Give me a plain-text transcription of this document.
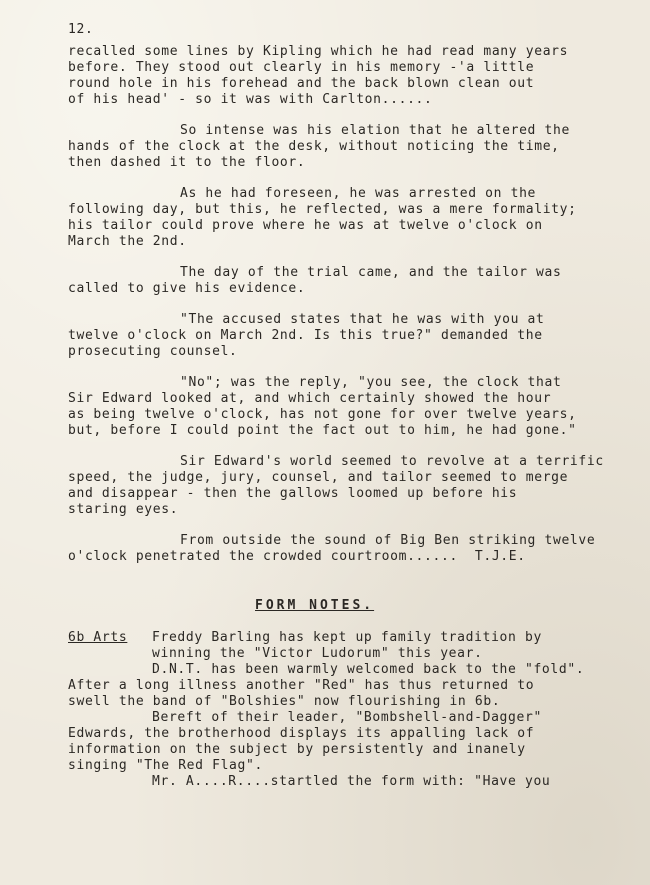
12.
recalled some lines by Kipling which he had read many years
before. They stood out clearly in his memory -'a little
round hole in his forehead and the back blown clean out
of his head' - so it was with Carlton......
So intense was his elation that he altered the
hands of the clock at the desk, without noticing the time,
then dashed it to the floor.
As he had foreseen, he was arrested on the
following day, but this, he reflected, was a mere formality;
his tailor could prove where he was at twelve o'clock on
March the 2nd.
The day of the trial came, and the tailor was
called to give his evidence.
"The accused states that he was with you at
twelve o'clock on March 2nd. Is this true?" demanded the
prosecuting counsel.
"No"; was the reply, "you see, the clock that
Sir Edward looked at, and which certainly showed the hour
as being twelve o'clock, has not gone for over twelve years,
but, before I could point the fact out to him, he had gone."
Sir Edward's world seemed to revolve at a terrific
speed, the judge, jury, counsel, and tailor seemed to merge
and disappear - then the gallows loomed up before his
staring eyes.
From outside the sound of Big Ben striking twelve
o'clock penetrated the crowded courtroom......  T.J.E.
FORM NOTES.
6b Arts Freddy Barling has kept up family tradition by
winning the "Victor Ludorum" this year.
D.N.T. has been warmly welcomed back to the "fold".
After a long illness another "Red" has thus returned to
swell the band of "Bolshies" now flourishing in 6b.
Bereft of their leader, "Bombshell-and-Dagger"
Edwards, the brotherhood displays its appalling lack of
information on the subject by persistently and inanely
singing "The Red Flag".
Mr. A....R....startled the form with: "Have you
